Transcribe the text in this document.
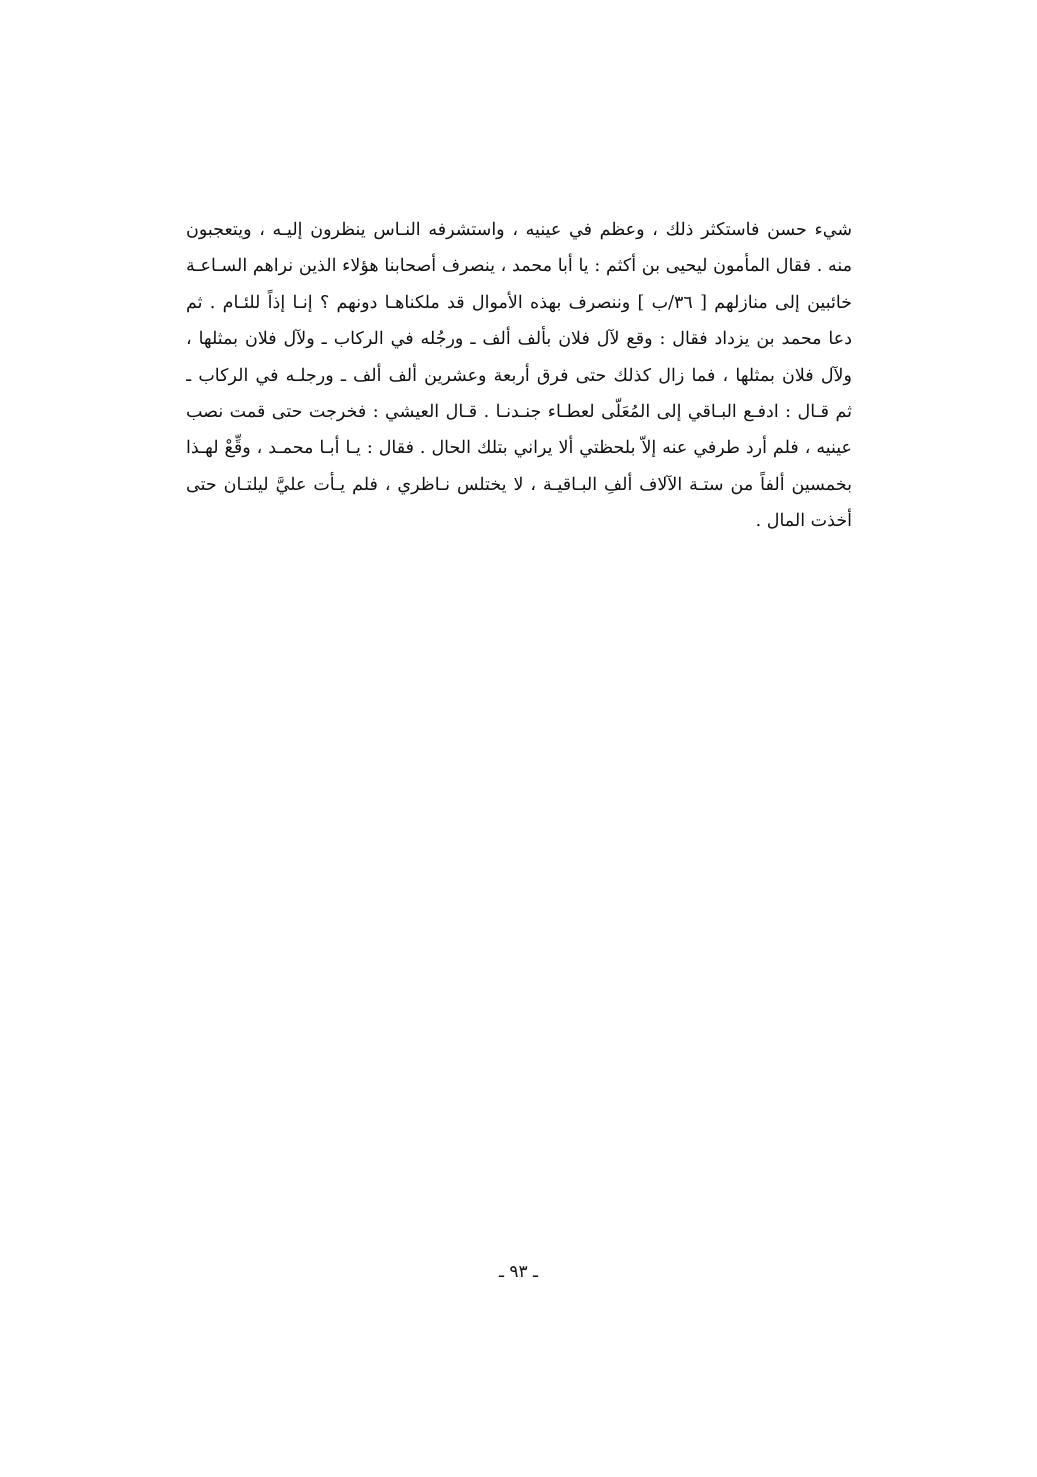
شيء حسن فاستكثر ذلك ، وعظم في عينيه ، واستشرفه النـاس ينظرون إليـه ، ويتعجبون
منه . فقال المأمون ليحيى بن أكثم : يا أبا محمد ، ينصرف أصحابنا هؤلاء الذين نراهم السـاعـة
خائبين إلى منازلهم [ ٣٦/ب ] وننصرف بهذه الأموال قد ملكناهـا دونهم ؟ إنـا إذاً للئـام . ثم
دعا محمد بن يزداد فقال : وقع لآل فلان بألف ألف ـ ورجُله في الركاب ـ ولآل فلان بمثلها ،
ولآل فلان بمثلها ، فما زال كذلك حتى فرق أربعة وعشرين ألف ألف ـ ورجلـه في الركاب ـ
ثم قـال : ادفـع البـاقي إلى المُعَلّى لعطـاء جنـدنـا . قـال العيشي : فخرجت حتى قمت نصب
عينيه ، فلم أرد طرفي عنه إلاّ بلحظتي ألا يراني بتلك الحال . فقال : يـا أبـا محمـد ، وقِّعْ لهـذا
بخمسين ألفاً من ستـة الآلاف ألفِ البـاقيـة ، لا يختلس نـاظري ، فلم يـأت عليَّ ليلتـان حتى
أخذت المال .
ـ ٩٣ ـ
